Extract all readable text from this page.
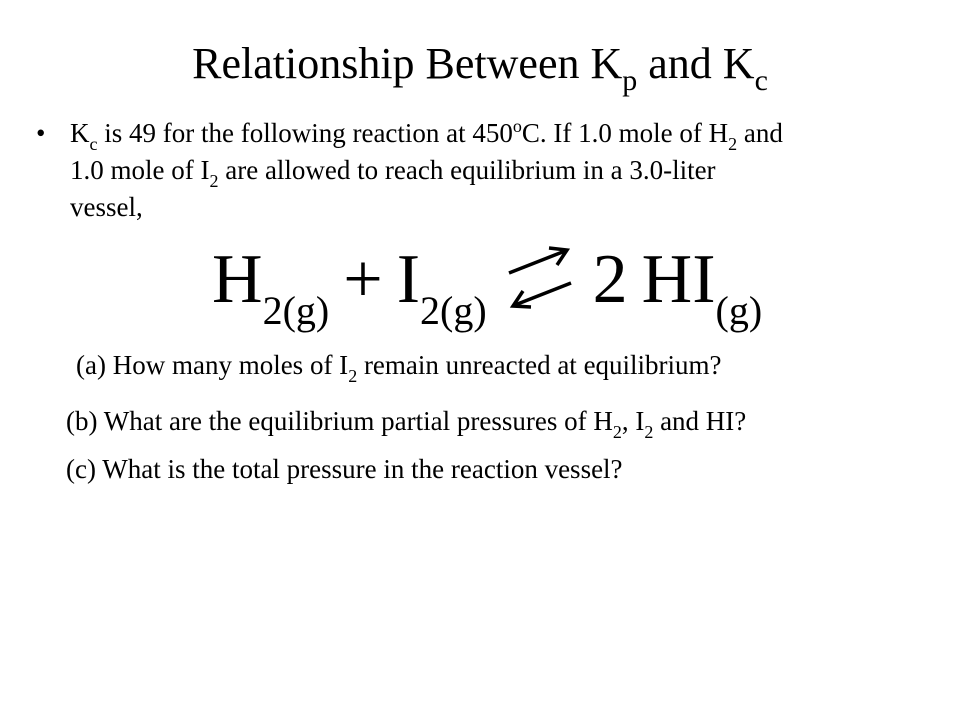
Relationship Between $K_p$ and $K_c$
• $K_c$ is 49 for the following reaction at 450$^o$C. If 1.0 mole of $H_2$ and
1.0 mole of $I_2$ are allowed to reach equilibrium in a 3.0-liter
vessel,
$H_{2(g)} + I_{2(g)}$ 2 $HI_{(g)}$
(a) How many moles of $I_2$ remain unreacted at equilibrium?
(b) What are the equilibrium partial pressures of $H_2$, $I_2$ and HI?
(c) What is the total pressure in the reaction vessel?
